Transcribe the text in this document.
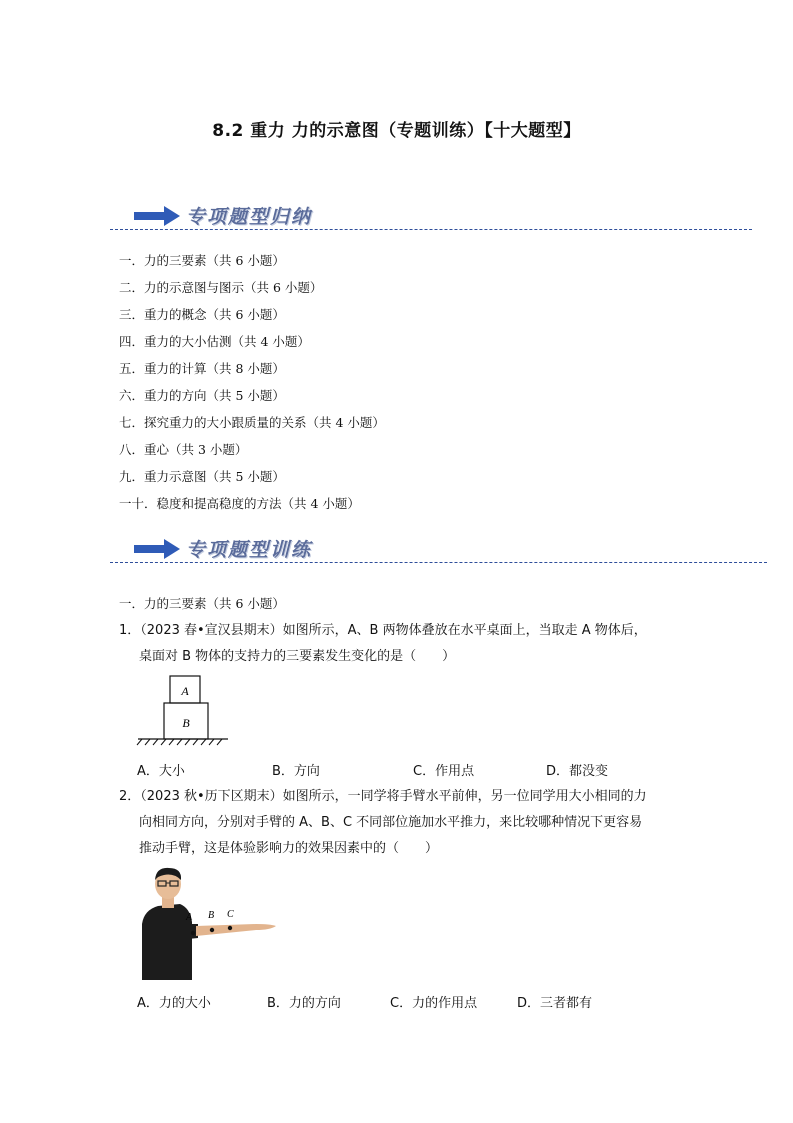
8.2 重力 力的示意图（专题训练）【十大题型】
专项题型归纳
一．力的三要素（共 6 小题）
二．力的示意图与图示（共 6 小题）
三．重力的概念（共 6 小题）
四．重力的大小估测（共 4 小题）
五．重力的计算（共 8 小题）
六．重力的方向（共 5 小题）
七．探究重力的大小跟质量的关系（共 4 小题）
八．重心（共 3 小题）
九．重力示意图（共 5 小题）
一十．稳度和提高稳度的方法（共 4 小题）
专项题型训练
一．力的三要素（共 6 小题）
1．（2023 春•宣汉县期末）如图所示，A、B 两物体叠放在水平桌面上，当取走 A 物体后，
桌面对 B 物体的支持力的三要素发生变化的是（　　）
A
B
A．大小	B．方向	C．作用点	D．都没变
2．（2023 秋•历下区期末）如图所示，一同学将手臂水平前伸，另一位同学用大小相同的力
向相同方向，分别对手臂的 A、B、C 不同部位施加水平推力，来比较哪种情况下更容易
推动手臂，这是体验影响力的效果因素中的（　　）
A B C
A．力的大小	B．力的方向	C．力的作用点	D．三者都有
